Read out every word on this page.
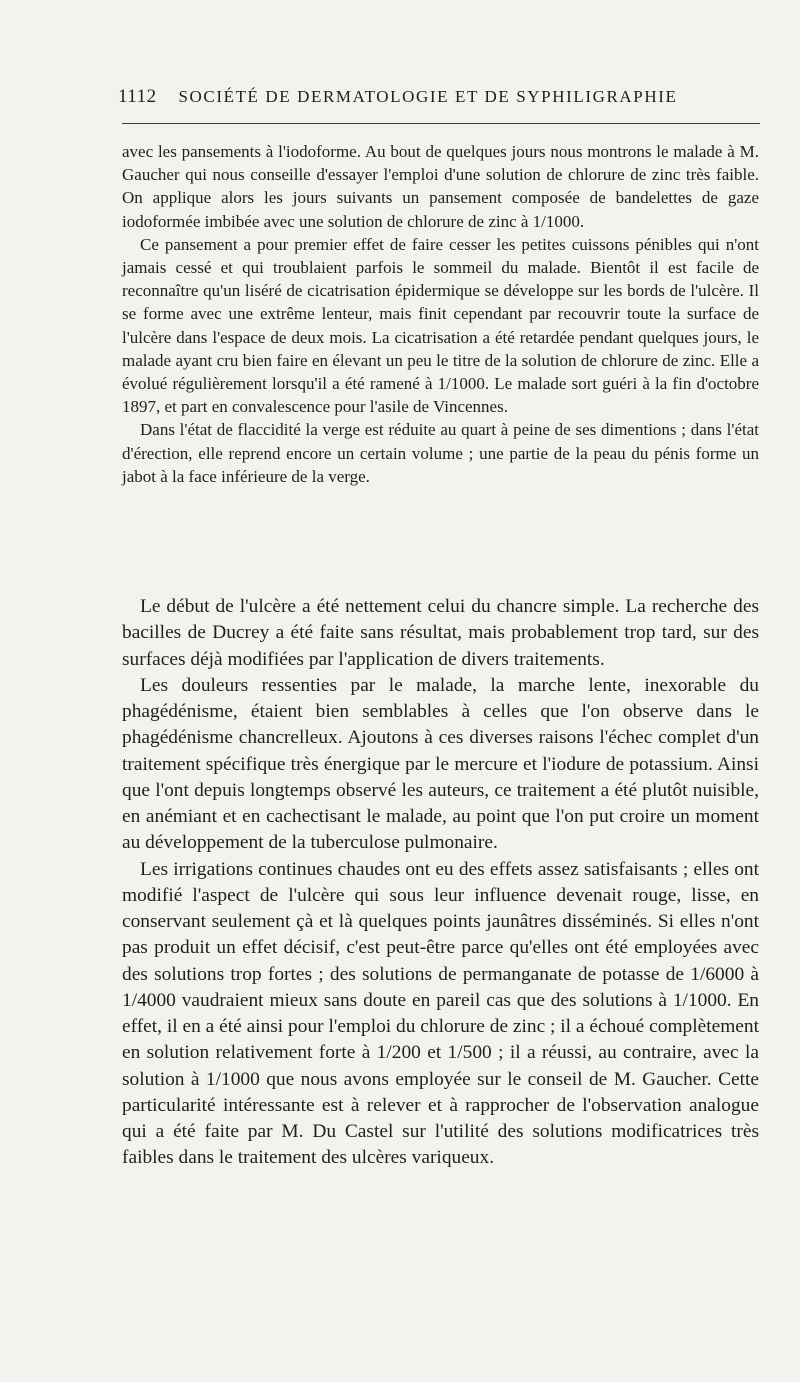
1112 SOCIÉTÉ DE DERMATOLOGIE ET DE SYPHILIGRAPHIE

avec les pansements à l'iodoforme. Au bout de quelques jours nous montrons le malade à M. Gaucher qui nous conseille d'essayer l'emploi d'une solution de chlorure de zinc très faible. On applique alors les jours suivants un pansement composée de bandelettes de gaze iodoformée imbibée avec une solution de chlorure de zinc à 1/1000.

Ce pansement a pour premier effet de faire cesser les petites cuissons pénibles qui n'ont jamais cessé et qui troublaient parfois le sommeil du malade. Bientôt il est facile de reconnaître qu'un liséré de cicatrisation épidermique se développe sur les bords de l'ulcère. Il se forme avec une extrême lenteur, mais finit cependant par recouvrir toute la surface de l'ulcère dans l'espace de deux mois. La cicatrisation a été retardée pendant quelques jours, le malade ayant cru bien faire en élevant un peu le titre de la solution de chlorure de zinc. Elle a évolué régulièrement lorsqu'il a été ramené à 1/1000. Le malade sort guéri à la fin d'octobre 1897, et part en convalescence pour l'asile de Vincennes.

Dans l'état de flaccidité la verge est réduite au quart à peine de ses dimentions ; dans l'état d'érection, elle reprend encore un certain volume ; une partie de la peau du pénis forme un jabot à la face inférieure de la verge.

Le début de l'ulcère a été nettement celui du chancre simple. La recherche des bacilles de Ducrey a été faite sans résultat, mais probablement trop tard, sur des surfaces déjà modifiées par l'application de divers traitements.

Les douleurs ressenties par le malade, la marche lente, inexorable du phagédénisme, étaient bien semblables à celles que l'on observe dans le phagédénisme chancrelleux. Ajoutons à ces diverses raisons l'échec complet d'un traitement spécifique très énergique par le mercure et l'iodure de potassium. Ainsi que l'ont depuis longtemps observé les auteurs, ce traitement a été plutôt nuisible, en anémiant et en cachectisant le malade, au point que l'on put croire un moment au développement de la tuberculose pulmonaire.

Les irrigations continues chaudes ont eu des effets assez satisfaisants ; elles ont modifié l'aspect de l'ulcère qui sous leur influence devenait rouge, lisse, en conservant seulement çà et là quelques points jaunâtres disséminés. Si elles n'ont pas produit un effet décisif, c'est peut-être parce qu'elles ont été employées avec des solutions trop fortes ; des solutions de permanganate de potasse de 1/6000 à 1/4000 vaudraient mieux sans doute en pareil cas que des solutions à 1/1000. En effet, il en a été ainsi pour l'emploi du chlorure de zinc ; il a échoué complètement en solution relativement forte à 1/200 et 1/500 ; il a réussi, au contraire, avec la solution à 1/1000 que nous avons employée sur le conseil de M. Gaucher. Cette particularité intéressante est à relever et à rapprocher de l'observation analogue qui a été faite par M. Du Castel sur l'utilité des solutions modificatrices très faibles dans le traitement des ulcères variqueux.
